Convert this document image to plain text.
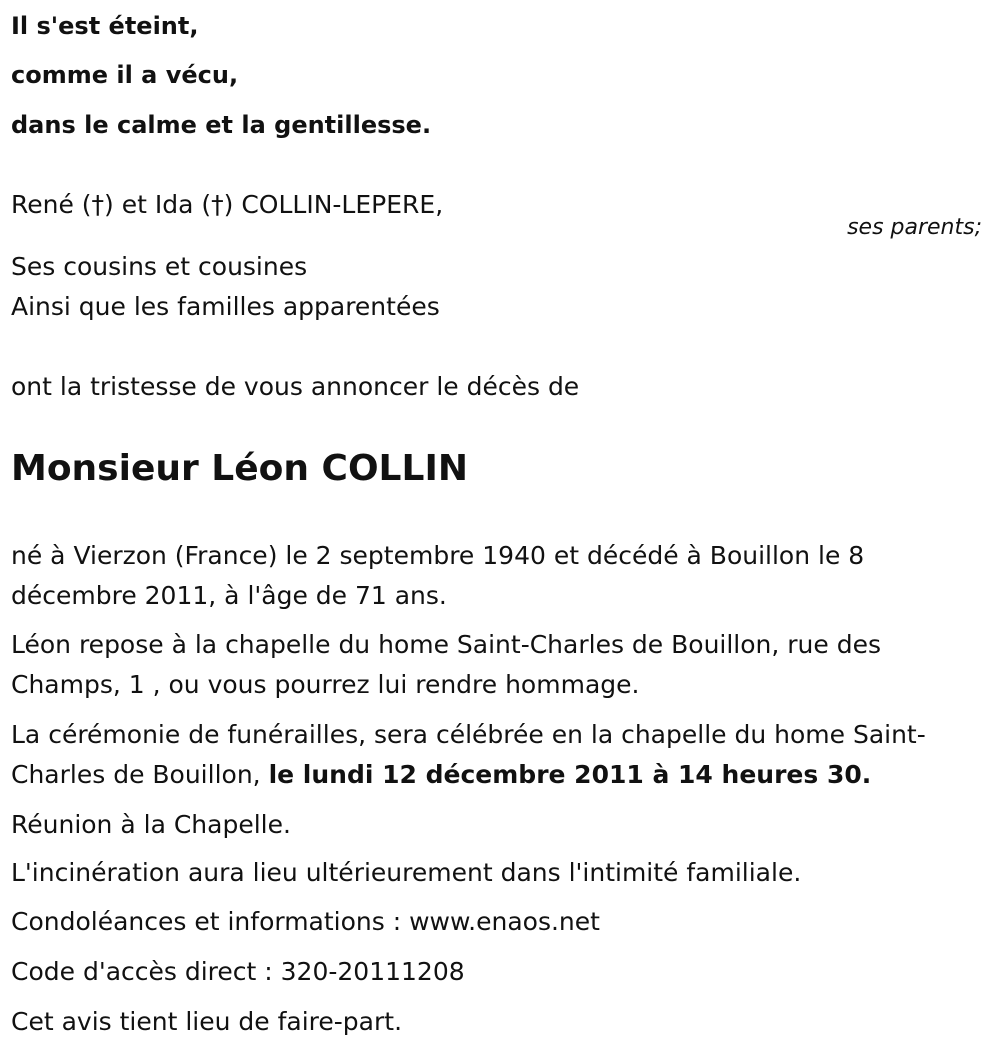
Il s'est éteint,
comme il a vécu,
dans le calme et la gentillesse.
René (†) et Ida (†) COLLIN-LEPERE,
ses parents;
Ses cousins et cousines
Ainsi que les familles apparentées
ont la tristesse de vous annoncer le décès de
Monsieur Léon COLLIN
né à Vierzon (France) le 2 septembre 1940 et décédé à Bouillon le 8 décembre 2011, à l'âge de 71 ans.
Léon repose à la chapelle du home Saint-Charles de Bouillon, rue des Champs, 1 , ou vous pourrez lui rendre hommage.
La cérémonie de funérailles, sera célébrée en la chapelle du home Saint-Charles de Bouillon, le lundi 12 décembre 2011 à 14 heures 30.
Réunion à la Chapelle.
L'incinération aura lieu ultérieurement dans l'intimité familiale.
Condoléances et informations : www.enaos.net
Code d'accès direct : 320-20111208
Cet avis tient lieu de faire-part.
